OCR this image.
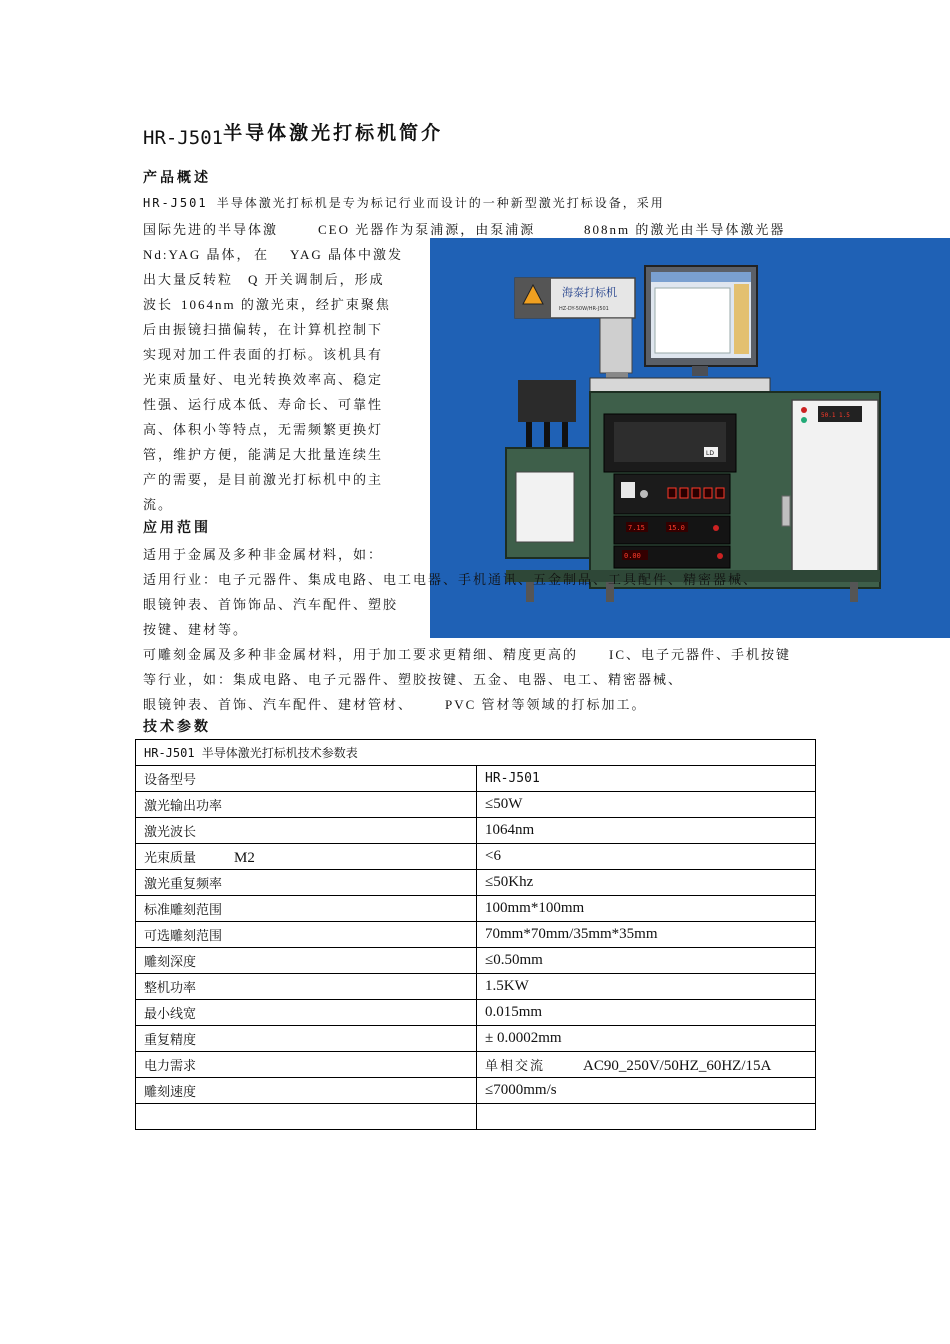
HR-J501半导体激光打标机简介
产品概述
HR-J501 半导体激光打标机是专为标记行业而设计的一种新型激光打标设备，采用
国际先进的半导体激	CEO 光器作为泵浦源，由泵浦源	808nm 的激光由半导体激光器
Nd:YAG 晶体， 在 YAG 晶体中激发
出大量反转粒 Q 开关调制后，形成
波长 1064nm 的激光束，经扩束聚焦
后由振镜扫描偏转，在计算机控制下
实现对加工件表面的打标。该机具有
光束质量好、电光转换效率高、稳定
性强、运行成本低、寿命长、可靠性
高、体积小等特点，无需频繁更换灯
管，维护方便，能满足大批量连续生
产的需要，是目前激光打标机中的主
流。
应用范围
适用于金属及多种非金属材料，如：
海泰打标机
HZ-DY-50W/HR-J501
LD
7.15	15.0
0.00
50.1 1.5
适用行业： 电子元器件、集成电路、电工电器、手机通讯、五金制品、工具配件、精密器械、
眼镜钟表、首饰饰品、汽车配件、塑胶
按键、建材等。
可雕刻金属及多种非金属材料，用于加工要求更精细、精度更高的 IC、电子元器件、手机按键
等行业，如：集成电路、电子元器件、塑胶按键、五金、电器、电工、精密器械、
眼镜钟表、首饰、汽车配件、建材管材、 PVC 管材等领域的打标加工。
技术参数
HR-J501 半导体激光打标机技术参数表	
设备型号	HR-J501
激光输出功率	≤50W
激光波长	1064nm
光束质量 M2	<6
激光重复频率	≤50Khz
标准雕刻范围	100mm*100mm
可选雕刻范围	70mm*70mm/35mm*35mm
雕刻深度	≤0.50mm
整机功率	1.5KW
最小线宽	0.015mm
重复精度	± 0.0002mm
电力需求	单相交流 AC90_250V/50HZ_60HZ/15A
雕刻速度	≤7000mm/s
